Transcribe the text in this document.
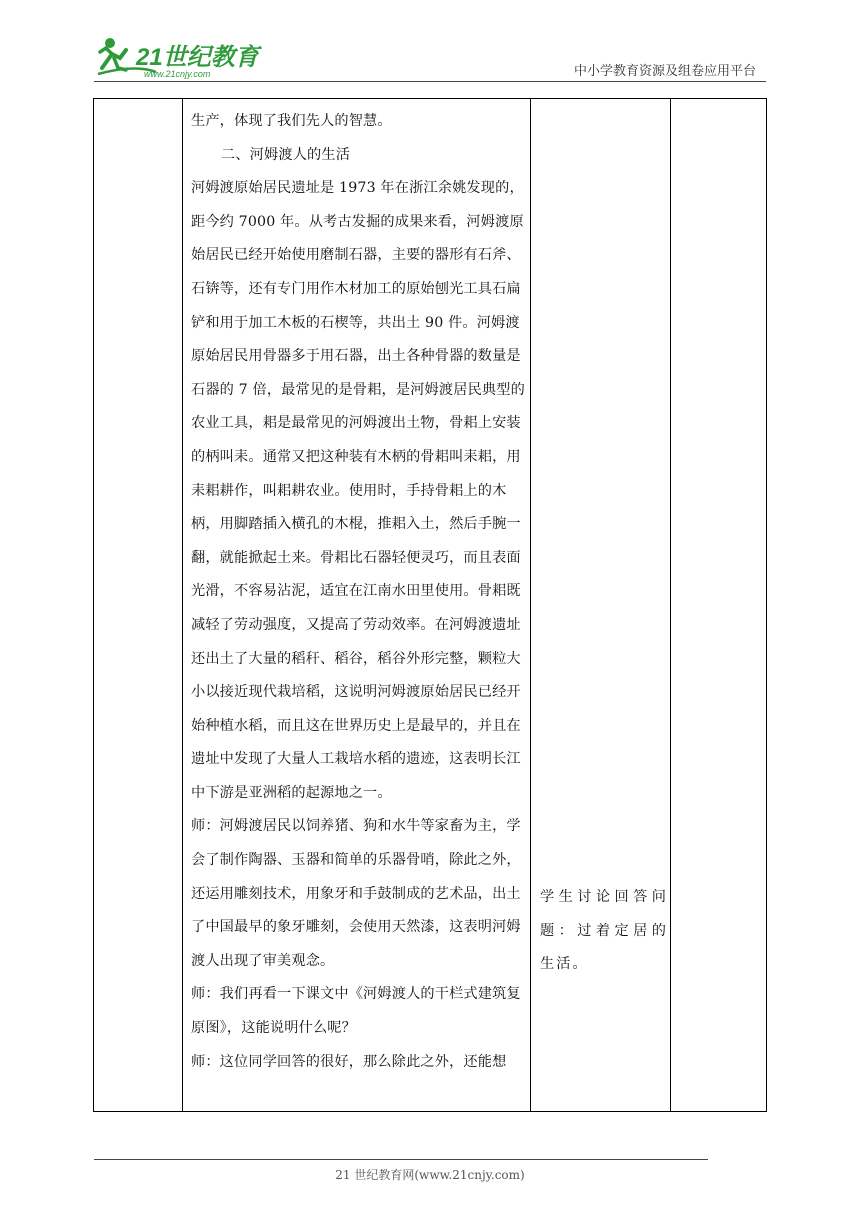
21世纪教育
www.21cnjy.com	中小学教育资源及组卷应用平台

生产，体现了我们先人的智慧。

二、河姆渡人的生活

河姆渡原始居民遗址是 1973 年在浙江余姚发现的，距今约 7000 年。从考古发掘的成果来看，河姆渡原始居民已经开始使用磨制石器，主要的器形有石斧、石锛等，还有专门用作木材加工的原始刨光工具石扁铲和用于加工木板的石楔等，共出土 90 件。河姆渡原始居民用骨器多于用石器，出土各种骨器的数量是石器的 7 倍，最常见的是骨耜，是河姆渡居民典型的农业工具，耜是最常见的河姆渡出土物，骨耜上安装的柄叫耒。通常又把这种装有木柄的骨耜叫耒耜，用耒耜耕作，叫耜耕农业。使用时，手持骨耜上的木柄，用脚踏插入横孔的木棍，推耜入土，然后手腕一翻，就能掀起土来。骨耜比石器轻便灵巧，而且表面光滑，不容易沾泥，适宜在江南水田里使用。骨耜既减轻了劳动强度，又提高了劳动效率。在河姆渡遗址还出土了大量的稻秆、稻谷，稻谷外形完整，颗粒大小以接近现代栽培稻，这说明河姆渡原始居民已经开始种植水稻，而且这在世界历史上是最早的，并且在遗址中发现了大量人工栽培水稻的遗迹，这表明长江中下游是亚洲稻的起源地之一。

师：河姆渡居民以饲养猪、狗和水牛等家畜为主，学会了制作陶器、玉器和简单的乐器骨哨，除此之外，还运用雕刻技术，用象牙和手鼓制成的艺术品，出土了中国最早的象牙雕刻，会使用天然漆，这表明河姆渡人出现了审美观念。

师：我们再看一下课文中《河姆渡人的干栏式建筑复原图》，这能说明什么呢？

师：这位同学回答的很好，那么除此之外，还能想

学生讨论回答问题：过着定居的生活。
21 世纪教育网(www.21cnjy.com)
